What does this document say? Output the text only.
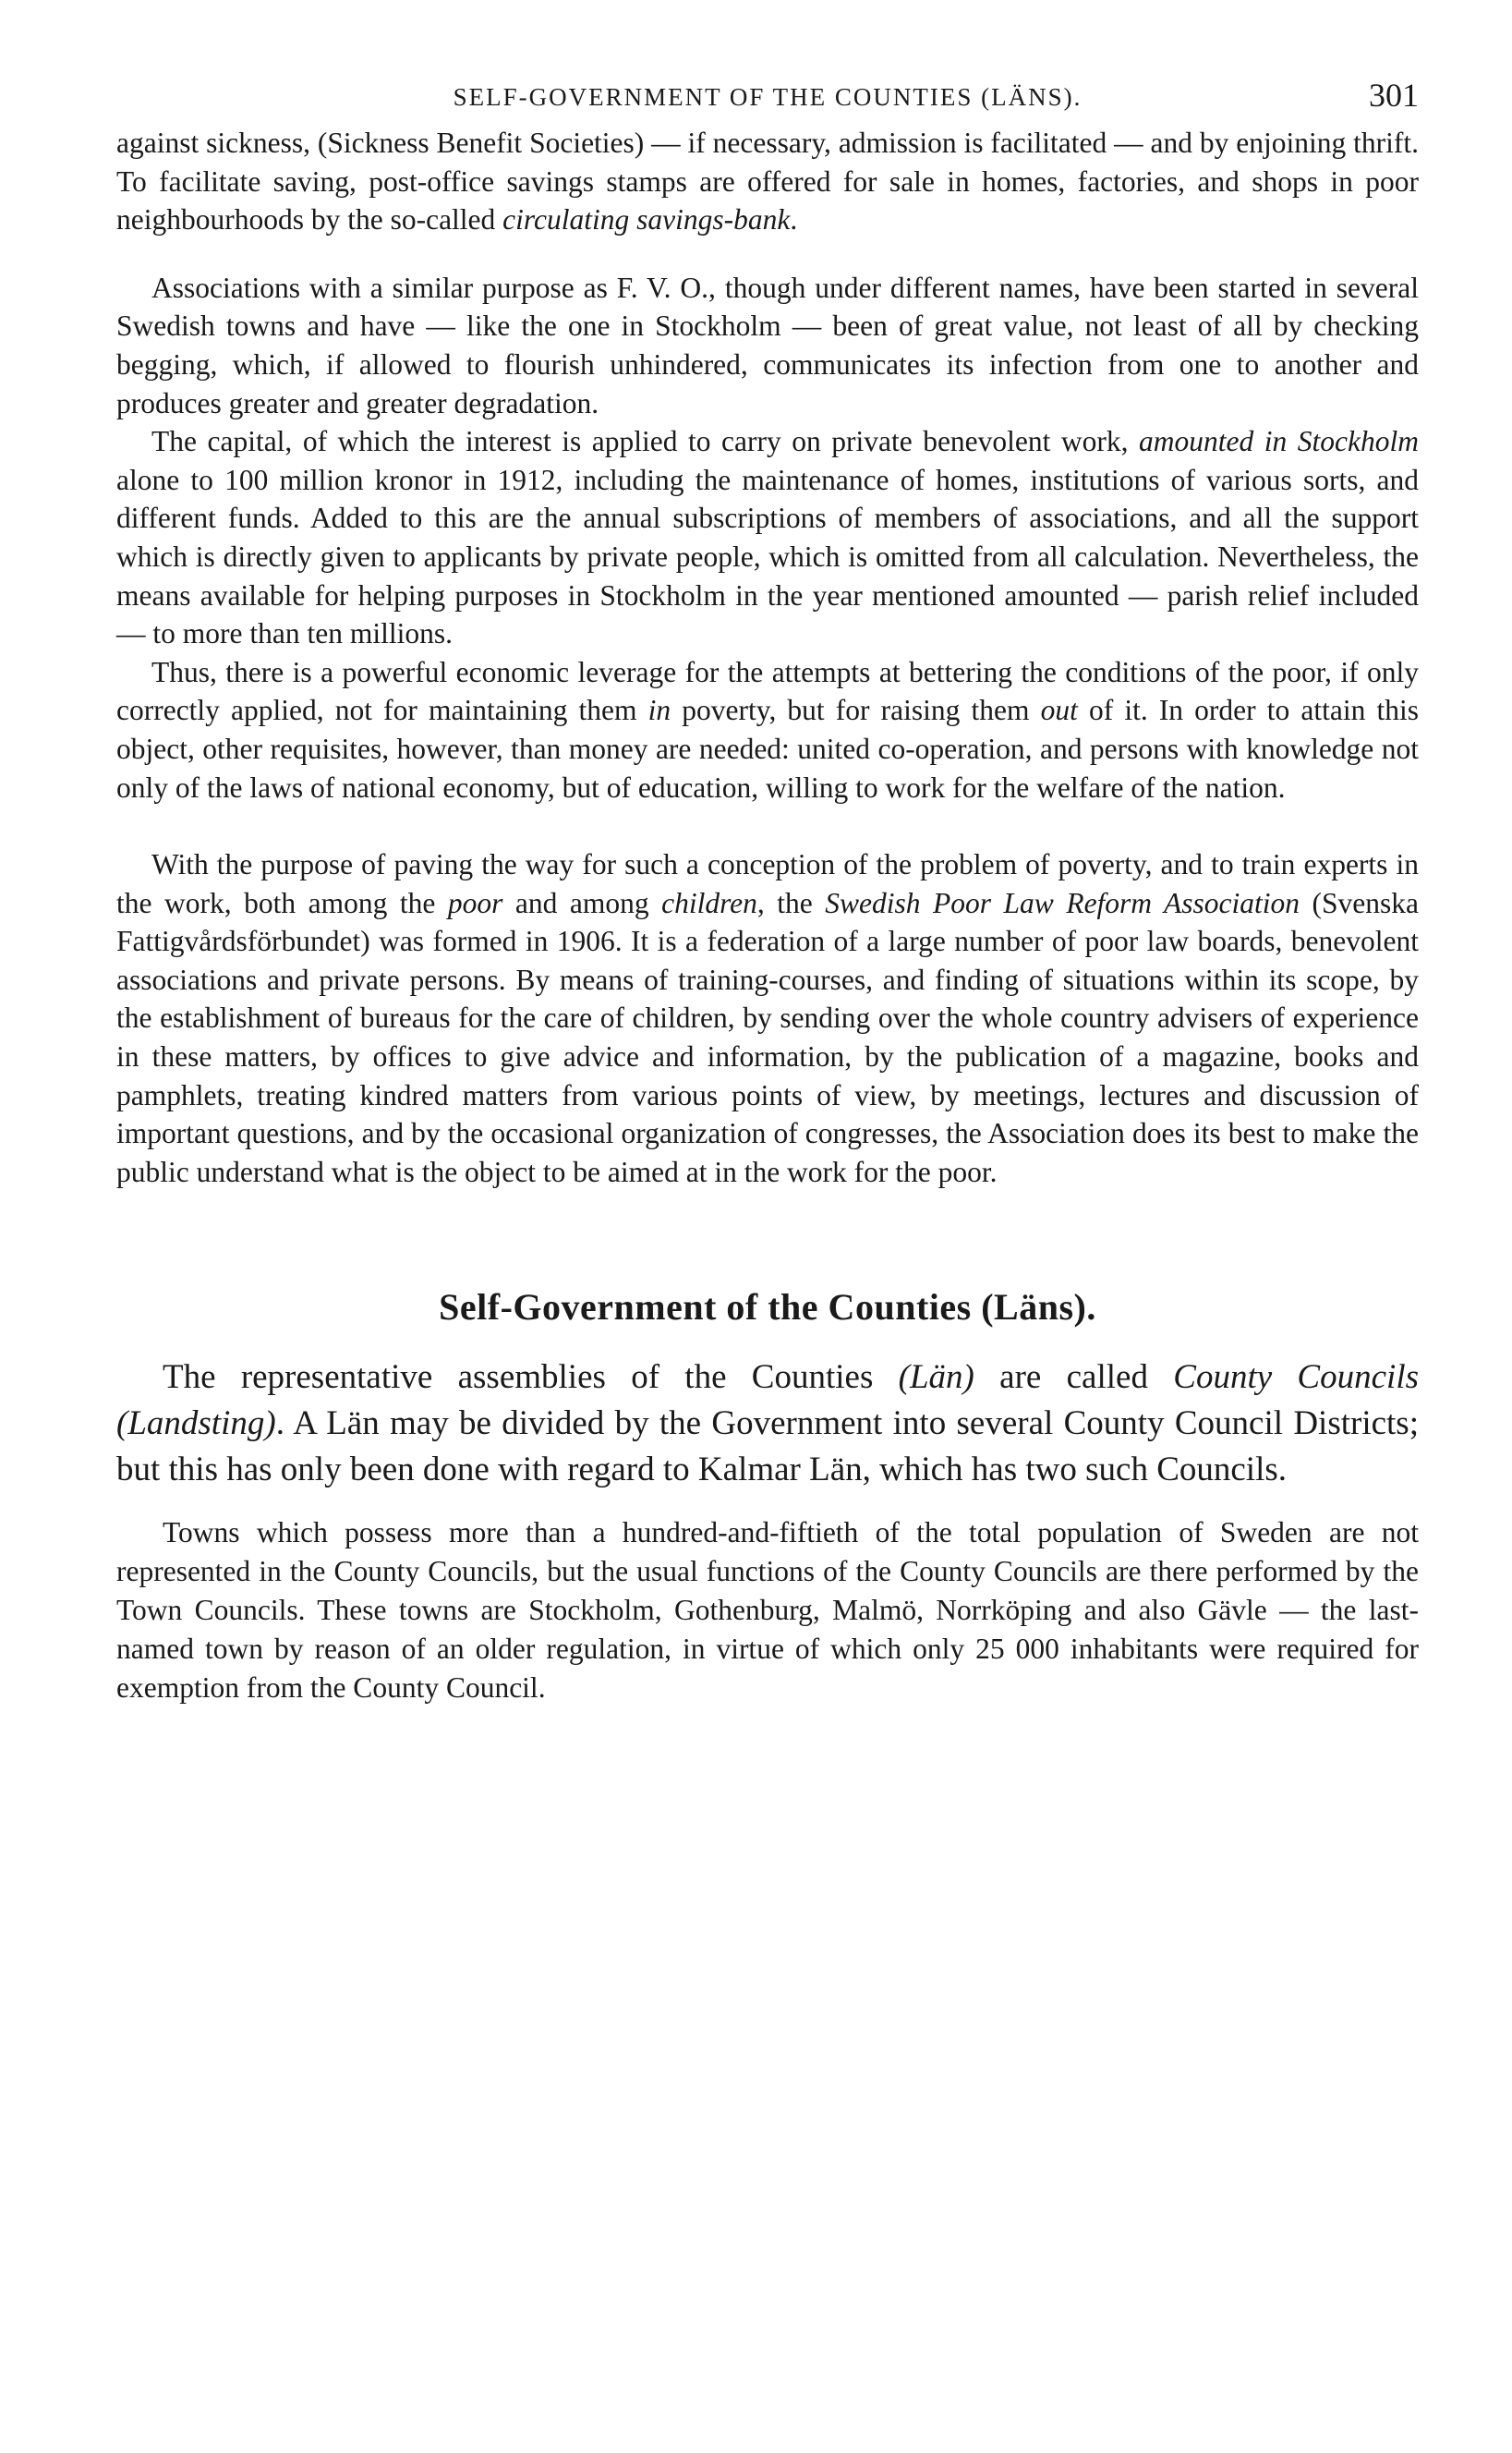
SELF-GOVERNMENT OF THE COUNTIES (LÄNS).	301

against sickness, (Sickness Benefit Societies) — if necessary, admission is facilitated — and by enjoining thrift. To facilitate saving, post-office savings stamps are offered for sale in homes, factories, and shops in poor neighbourhoods by the so-called circulating savings-bank.

Associations with a similar purpose as F. V. O., though under different names, have been started in several Swedish towns and have — like the one in Stockholm — been of great value, not least of all by checking begging, which, if allowed to flourish unhindered, communicates its infection from one to another and produces greater and greater degradation.

The capital, of which the interest is applied to carry on private benevolent work, amounted in Stockholm alone to 100 million kronor in 1912, including the maintenance of homes, institutions of various sorts, and different funds. Added to this are the annual subscriptions of members of associations, and all the support which is directly given to applicants by private people, which is omitted from all calculation. Nevertheless, the means available for helping purposes in Stockholm in the year mentioned amounted — parish relief included — to more than ten millions.

Thus, there is a powerful economic leverage for the attempts at bettering the conditions of the poor, if only correctly applied, not for maintaining them in poverty, but for raising them out of it. In order to attain this object, other requisites, however, than money are needed: united co-operation, and persons with knowledge not only of the laws of national economy, but of education, willing to work for the welfare of the nation.

With the purpose of paving the way for such a conception of the problem of poverty, and to train experts in the work, both among the poor and among children, the Swedish Poor Law Reform Association (Svenska Fattigvårdsförbundet) was formed in 1906. It is a federation of a large number of poor law boards, benevolent associations and private persons. By means of training-courses, and finding of situations within its scope, by the establishment of bureaus for the care of children, by sending over the whole country advisers of experience in these matters, by offices to give advice and information, by the publication of a magazine, books and pamphlets, treating kindred matters from various points of view, by meetings, lectures and discussion of important questions, and by the occasional organization of congresses, the Association does its best to make the public understand what is the object to be aimed at in the work for the poor.

Self-Government of the Counties (Läns).

The representative assemblies of the Counties (Län) are called County Councils (Landsting). A Län may be divided by the Government into several County Council Districts; but this has only been done with regard to Kalmar Län, which has two such Councils.

Towns which possess more than a hundred-and-fiftieth of the total population of Sweden are not represented in the County Councils, but the usual functions of the County Councils are there performed by the Town Councils. These towns are Stockholm, Gothenburg, Malmö, Norrköping and also Gävle — the last-named town by reason of an older regulation, in virtue of which only 25 000 inhabitants were required for exemption from the County Council.
